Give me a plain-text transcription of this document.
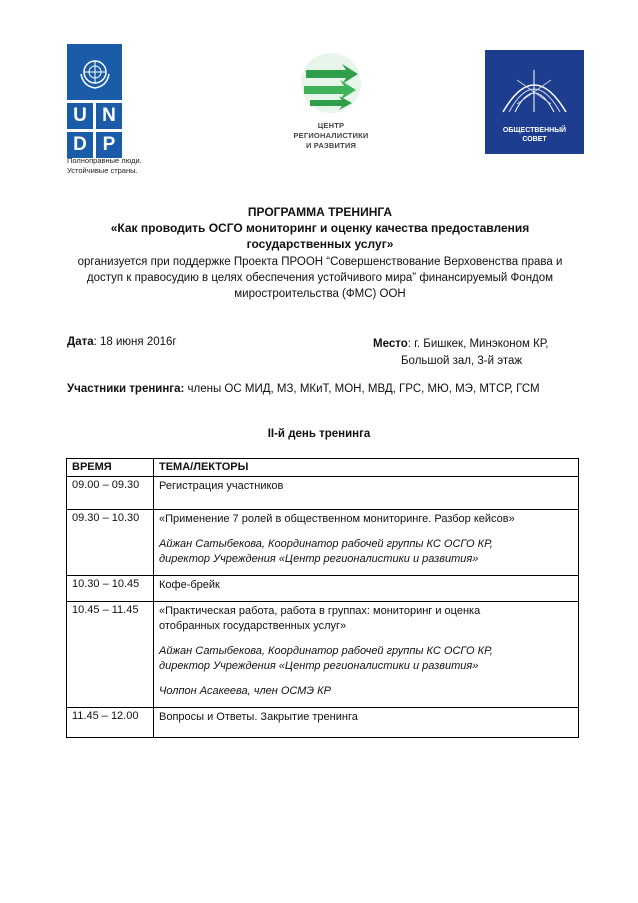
U N
D P
Полноправные люди.
Устойчивые страны.
ЦЕНТР
РЕГИОНАЛИСТИКИ
И РАЗВИТИЯ
ОБЩЕСТВЕННЫЙ
СОВЕТ
ПРОГРАММА ТРЕНИНГА
«Как проводить ОСГО мониторинг и оценку качества предоставления
государственных услуг»
организуется при поддержке Проекта ПРООН “Совершенствование Верховенства права и
доступ к правосудию в целях обеспечения устойчивого мира” финансируемый Фондом
миростроительства (ФМС) ООН
Дата: 18 июня 2016г	Место: г. Бишкек, Минэконом КР,
Большой зал, 3-й этаж
Участники тренинга: члены ОС МИД, МЗ, МКиТ, МОН, МВД, ГРС, МЮ, МЭ, МТСР, ГСМ
II-й день тренинга
ВРЕМЯ	ТЕМА/ЛЕКТОРЫ
09.00 – 09.30	Регистрация участников

09.30 – 10.30	«Применение 7 ролей в общественном мониторинге. Разбор кейсов»

Айжан Сатыбекова, Координатор рабочей группы КС ОСГО КР,

директор Учреждения «Центр регионалистики и развития»

10.30 – 10.45	Кофе-брейк

10.45 – 11.45	«Практическая работа, работа в группах: мониторинг и оценка

отобранных государственных услуг»

Айжан Сатыбекова, Координатор рабочей группы КС ОСГО КР,

директор Учреждения «Центр регионалистики и развития»

Чолпон Асакеева, член ОСМЭ КР

11.45 – 12.00	Вопросы и Ответы. Закрытие тренинга
